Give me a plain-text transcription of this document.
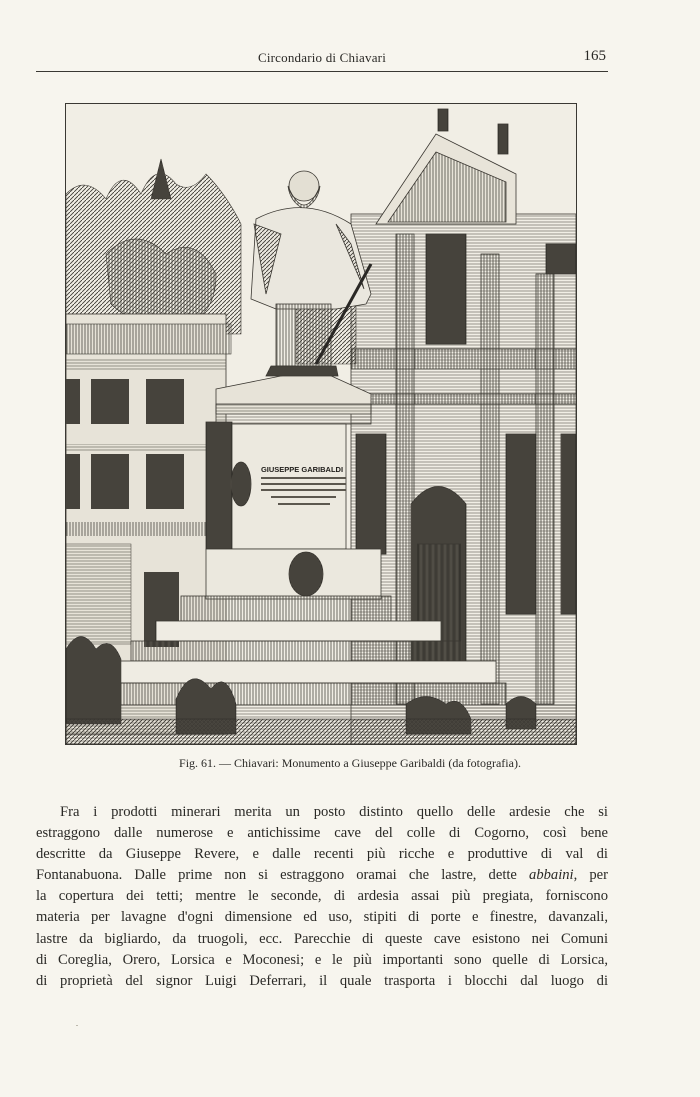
Circondario di Chiavari	165
GIUSEPPE GARIBALDI
Fig. 61. — Chiavari: Monumento a Giuseppe Garibaldi (da fotografia).
Fra i prodotti minerari merita un posto distinto quello delle ardesie che si
estraggono dalle numerose e antichissime cave del colle di Cogorno, così bene
descritte da Giuseppe Revere, e dalle recenti più ricche e produttive di val di
Fontanabuona. Dalle prime non si estraggono oramai che lastre, dette abbaini, per
la copertura dei tetti; mentre le seconde, di ardesia assai più pregiata, forniscono
materia per lavagne d'ogni dimensione ed uso, stipiti di porte e finestre, davanzali,
lastre da bigliardo, da truogoli, ecc. Parecchie di queste cave esistono nei Comuni
di Coreglia, Orero, Lorsica e Moconesi; e le più importanti sono quelle di Lorsica,
di proprietà del signor Luigi Deferrari, il quale trasporta i blocchi dal luogo di
